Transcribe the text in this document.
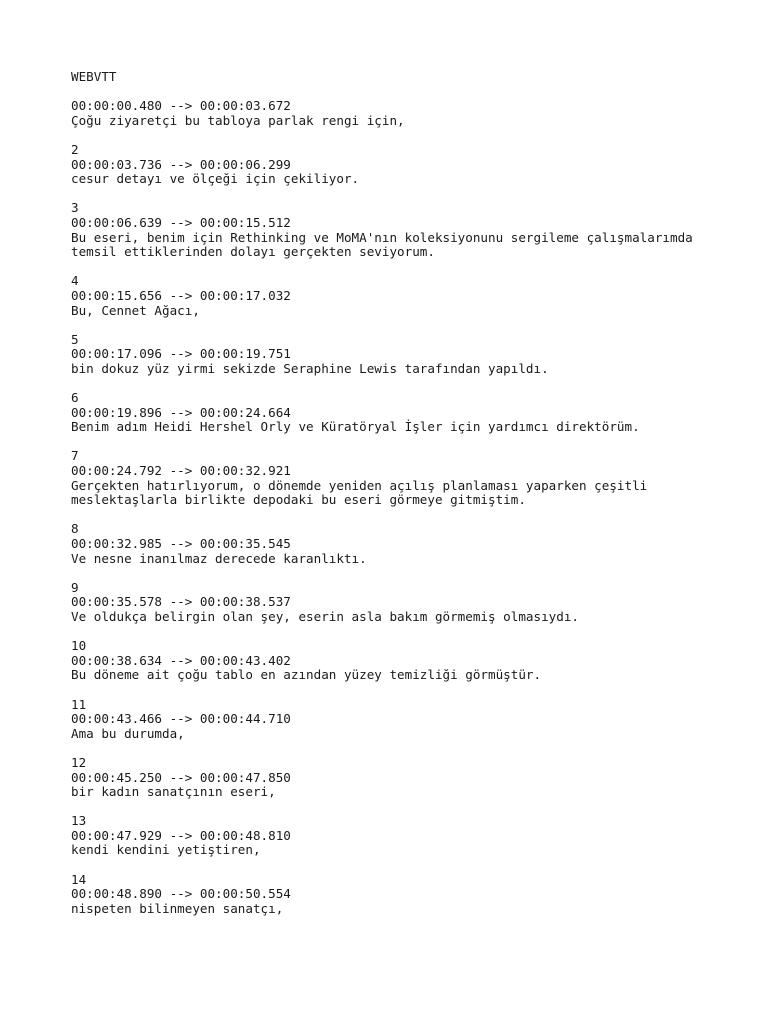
WEBVTT
00:00:00.480 --> 00:00:03.672
Çoğu ziyaretçi bu tabloya parlak rengi için,
2
00:00:03.736 --> 00:00:06.299
cesur detayı ve ölçeği için çekiliyor.
3
00:00:06.639 --> 00:00:15.512
Bu eseri, benim için Rethinking ve MoMA'nın koleksiyonunu sergileme çalışmalarımda
temsil ettiklerinden dolayı gerçekten seviyorum.
4
00:00:15.656 --> 00:00:17.032
Bu, Cennet Ağacı,
5
00:00:17.096 --> 00:00:19.751
bin dokuz yüz yirmi sekizde Seraphine Lewis tarafından yapıldı.
6
00:00:19.896 --> 00:00:24.664
Benim adım Heidi Hershel Orly ve Küratöryal İşler için yardımcı direktörüm.
7
00:00:24.792 --> 00:00:32.921
Gerçekten hatırlıyorum, o dönemde yeniden açılış planlaması yaparken çeşitli
meslektaşlarla birlikte depodaki bu eseri görmeye gitmiştim.
8
00:00:32.985 --> 00:00:35.545
Ve nesne inanılmaz derecede karanlıktı.
9
00:00:35.578 --> 00:00:38.537
Ve oldukça belirgin olan şey, eserin asla bakım görmemiş olmasıydı.
10
00:00:38.634 --> 00:00:43.402
Bu döneme ait çoğu tablo en azından yüzey temizliği görmüştür.
11
00:00:43.466 --> 00:00:44.710
Ama bu durumda,
12
00:00:45.250 --> 00:00:47.850
bir kadın sanatçının eseri,
13
00:00:47.929 --> 00:00:48.810
kendi kendini yetiştiren,
14
00:00:48.890 --> 00:00:50.554
nispeten bilinmeyen sanatçı,
